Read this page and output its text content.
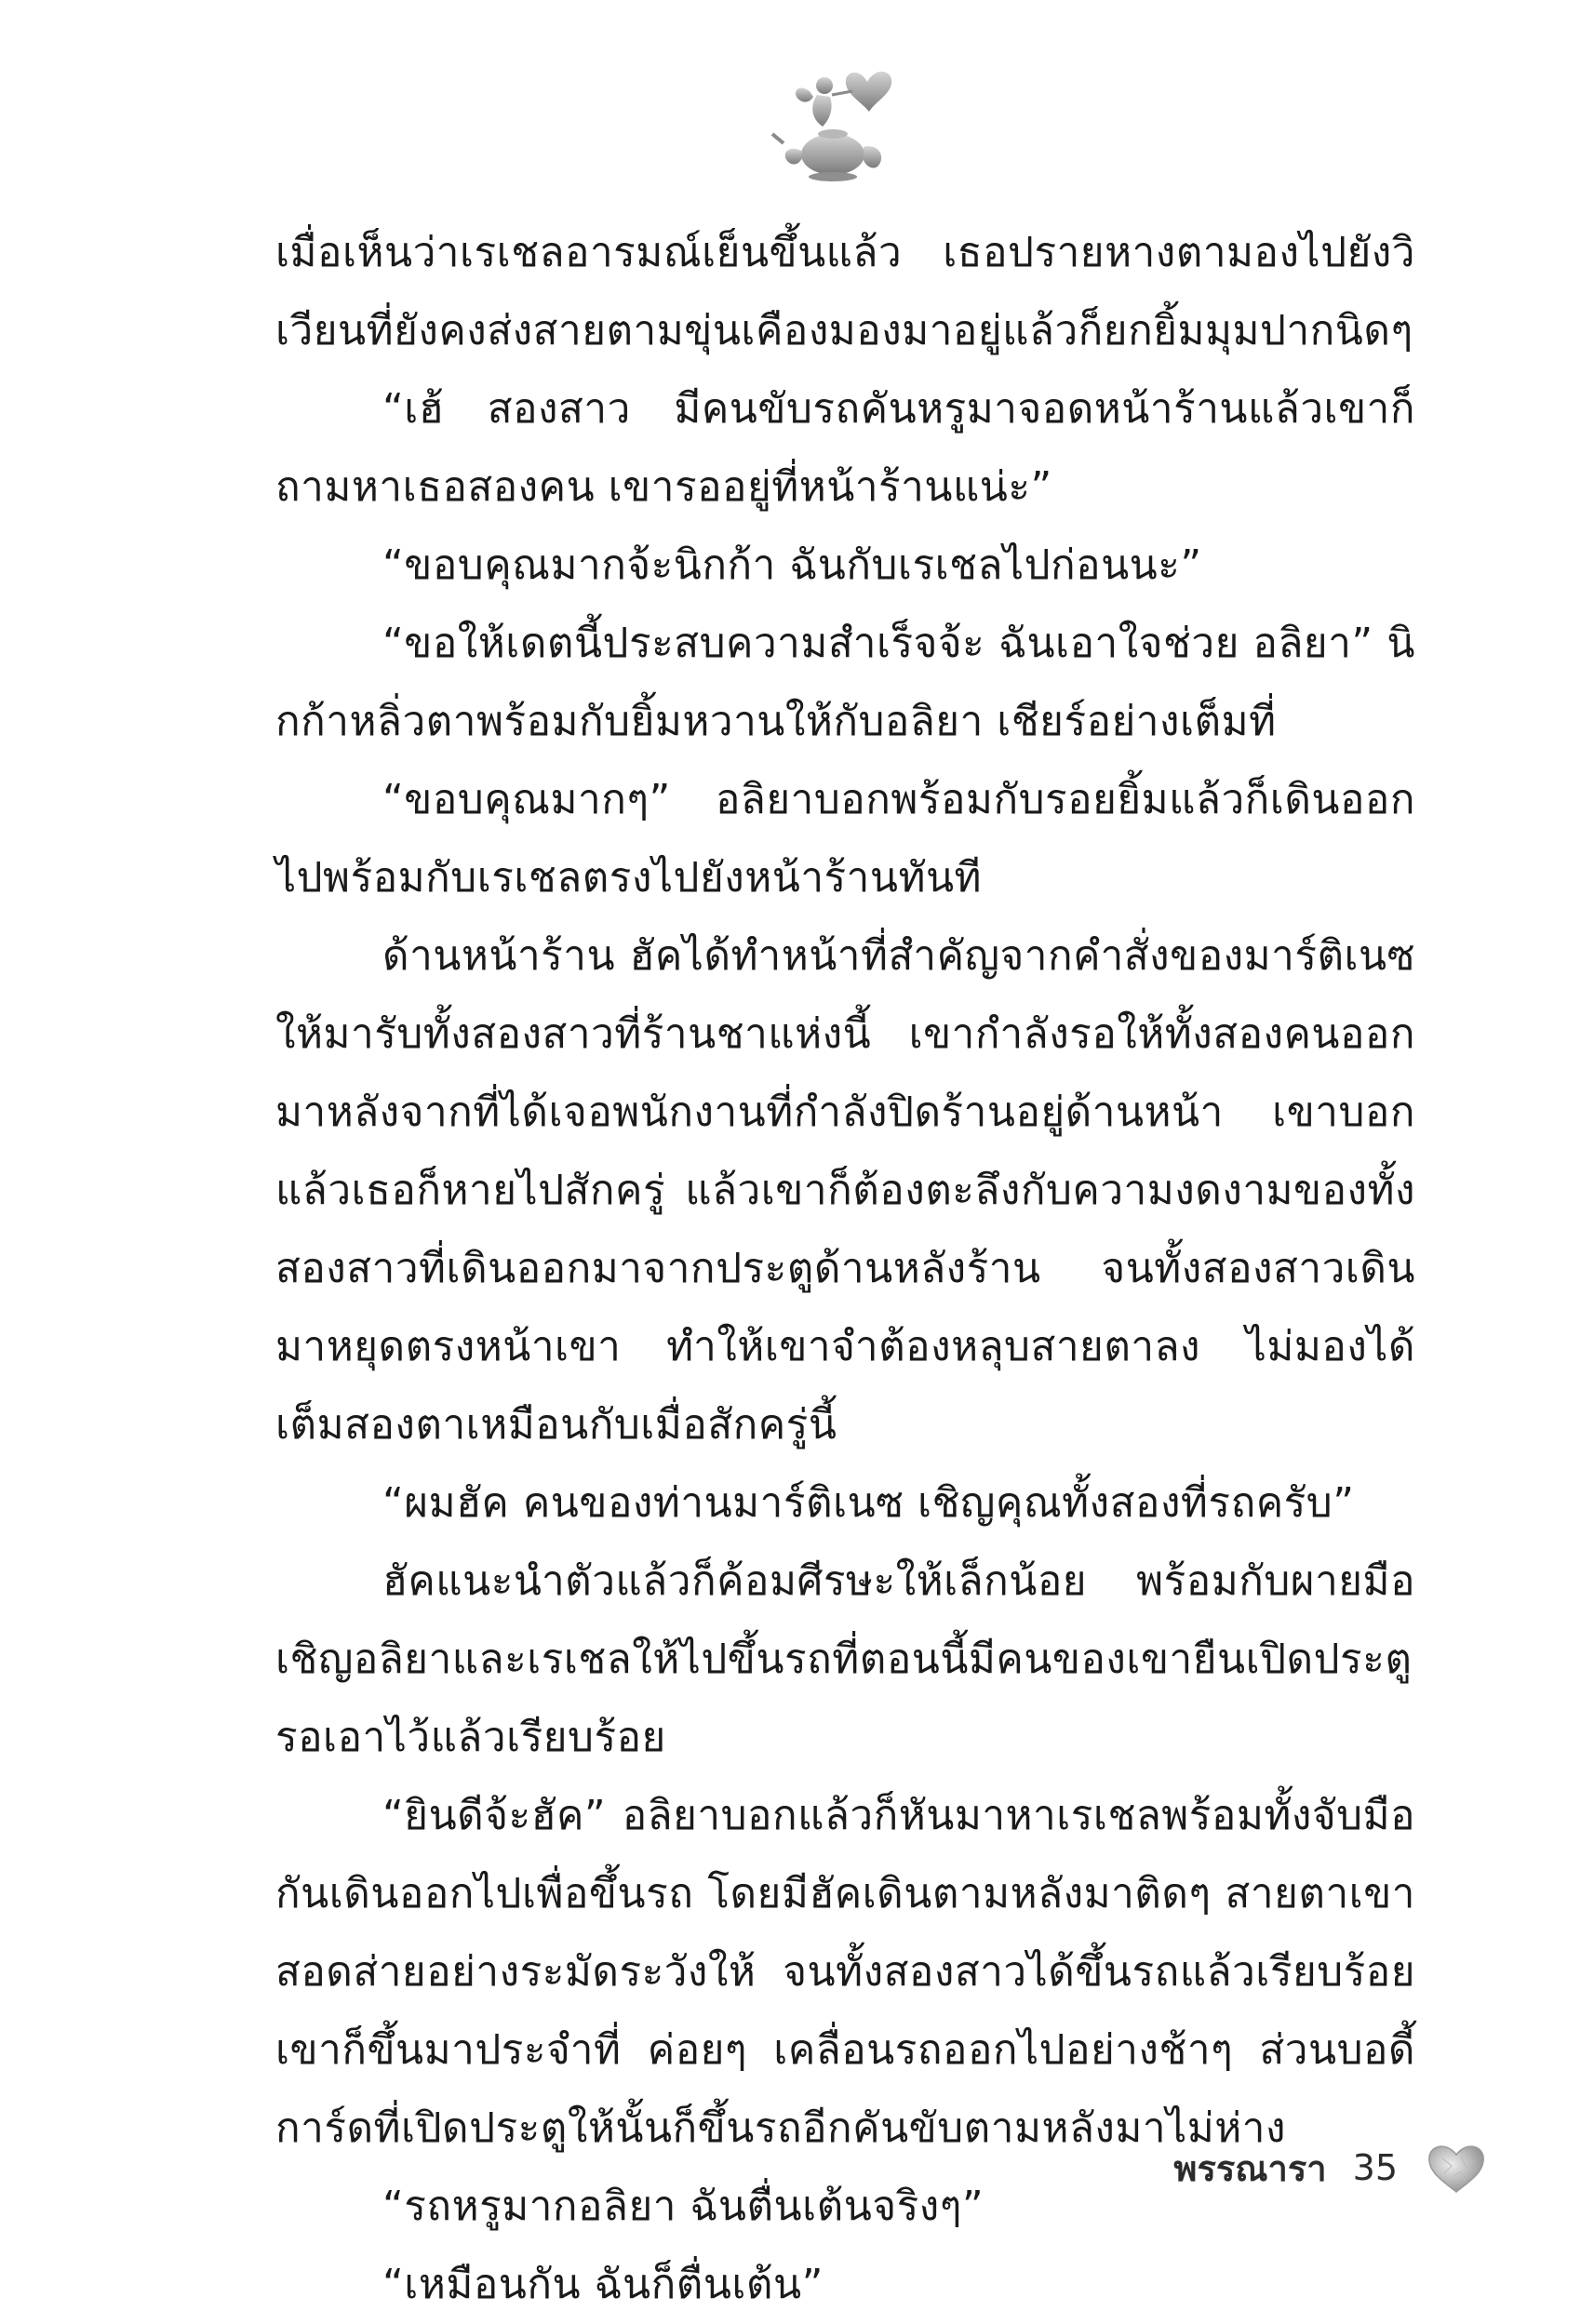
เมื่อเห็นว่าเรเชลอารมณ์เย็นขึ้นแล้ว เธอปรายหางตามองไปยังวิเวียนที่ยังคงส่งสายตามขุ่นเคืองมองมาอยู่แล้วก็ยกยิ้มมุมปากนิดๆ

“เฮ้ สองสาว มีคนขับรถคันหรูมาจอดหน้าร้านแล้วเขาก็ถามหาเธอสองคน เขารออยู่ที่หน้าร้านแน่ะ”

“ขอบคุณมากจ้ะนิกก้า ฉันกับเรเชลไปก่อนนะ”

“ขอให้เดตนี้ประสบความสำเร็จจ้ะ ฉันเอาใจช่วย อลิยา” นิกก้าหลิ่วตาพร้อมกับยิ้มหวานให้กับอลิยา เชียร์อย่างเต็มที่

“ขอบคุณมากๆ” อลิยาบอกพร้อมกับรอยยิ้มแล้วก็เดินออกไปพร้อมกับเรเชลตรงไปยังหน้าร้านทันที

ด้านหน้าร้าน ฮัคได้ทำหน้าที่สำคัญจากคำสั่งของมาร์ติเนซให้มารับทั้งสองสาวที่ร้านชาแห่งนี้ เขากำลังรอให้ทั้งสองคนออกมาหลังจากที่ได้เจอพนักงานที่กำลังปิดร้านอยู่ด้านหน้า เขาบอกแล้วเธอก็หายไปสักครู่ แล้วเขาก็ต้องตะลึงกับความงดงามของทั้งสองสาวที่เดินออกมาจากประตูด้านหลังร้าน จนทั้งสองสาวเดินมาหยุดตรงหน้าเขา ทำให้เขาจำต้องหลุบสายตาลง ไม่มองได้เต็มสองตาเหมือนกับเมื่อสักครู่นี้

“ผมฮัค คนของท่านมาร์ติเนซ เชิญคุณทั้งสองที่รถครับ”

ฮัคแนะนำตัวแล้วก็ค้อมศีรษะให้เล็กน้อย พร้อมกับผายมือเชิญอลิยาและเรเชลให้ไปขึ้นรถที่ตอนนี้มีคนของเขายืนเปิดประตูรอเอาไว้แล้วเรียบร้อย

“ยินดีจ้ะฮัค” อลิยาบอกแล้วก็หันมาหาเรเชลพร้อมทั้งจับมือกันเดินออกไปเพื่อขึ้นรถ โดยมีฮัคเดินตามหลังมาติดๆ สายตาเขาสอดส่ายอย่างระมัดระวังให้ จนทั้งสองสาวได้ขึ้นรถแล้วเรียบร้อย เขาก็ขึ้นมาประจำที่ ค่อยๆ เคลื่อนรถออกไปอย่างช้าๆ ส่วนบอดี้การ์ดที่เปิดประตูให้นั้นก็ขึ้นรถอีกคันขับตามหลังมาไม่ห่าง

“รถหรูมากอลิยา ฉันตื่นเต้นจริงๆ”

“เหมือนกัน ฉันก็ตื่นเต้น”

พรรณารา 35
